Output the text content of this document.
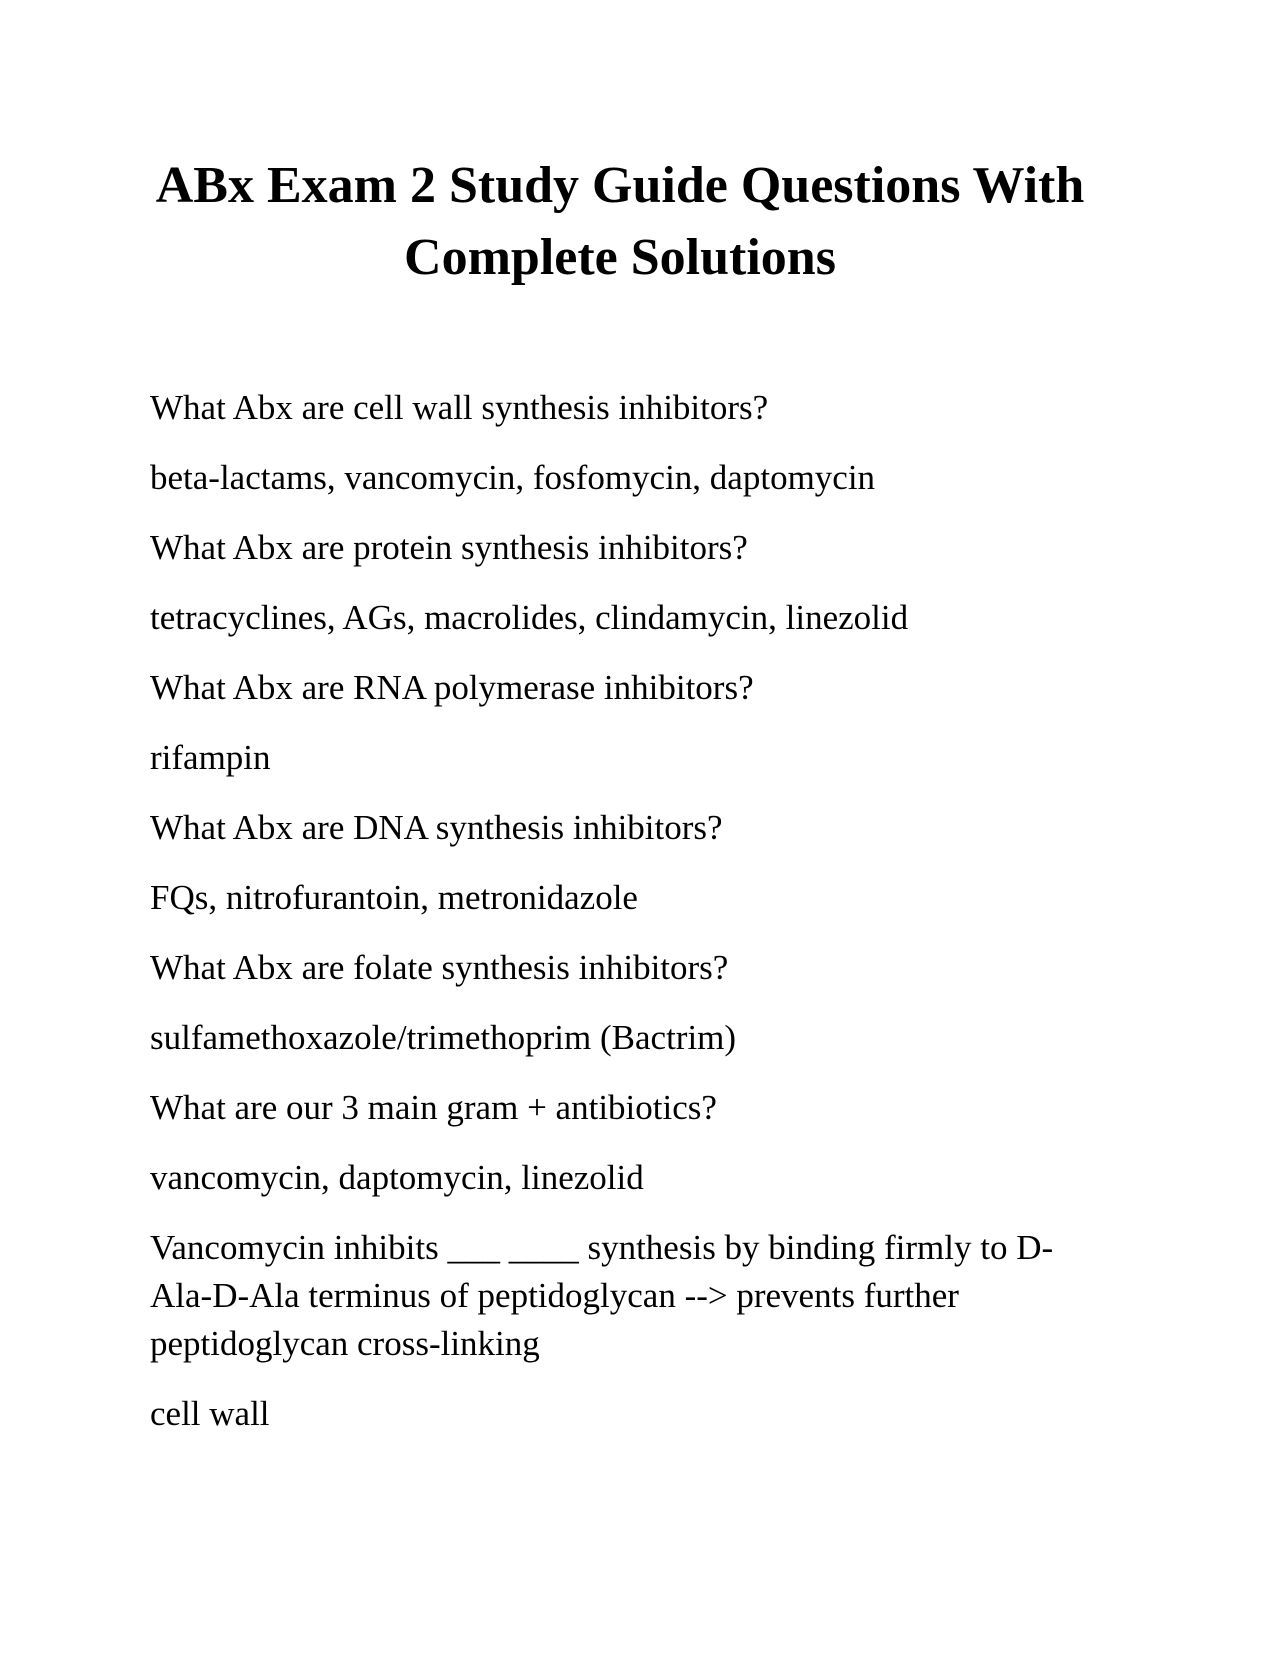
ABx Exam 2 Study Guide Questions With
Complete Solutions

What Abx are cell wall synthesis inhibitors?

beta-lactams, vancomycin, fosfomycin, daptomycin

What Abx are protein synthesis inhibitors?

tetracyclines, AGs, macrolides, clindamycin, linezolid

What Abx are RNA polymerase inhibitors?

rifampin

What Abx are DNA synthesis inhibitors?

FQs, nitrofurantoin, metronidazole

What Abx are folate synthesis inhibitors?

sulfamethoxazole/trimethoprim (Bactrim)

What are our 3 main gram + antibiotics?

vancomycin, daptomycin, linezolid

Vancomycin inhibits ___ ____ synthesis by binding firmly to D-
Ala-D-Ala terminus of peptidoglycan --> prevents further
peptidoglycan cross-linking

cell wall
